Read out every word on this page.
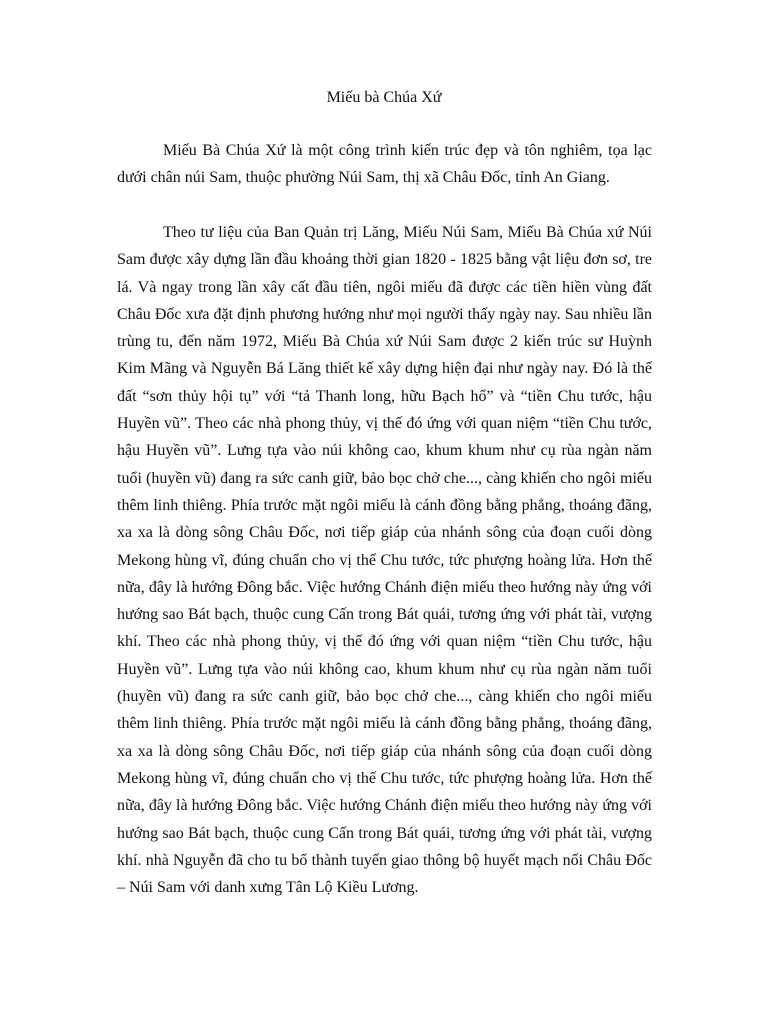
Miếu bà Chúa Xứ

Miếu Bà Chúa Xứ là một công trình kiến trúc đẹp và tôn nghiêm, tọa lạc dưới chân núi Sam, thuộc phường Núi Sam, thị xã Châu Đốc, tỉnh An Giang.

Theo tư liệu của Ban Quản trị Lăng, Miếu Núi Sam, Miếu Bà Chúa xứ Núi Sam được xây dựng lần đầu khoảng thời gian 1820 - 1825 bằng vật liệu đơn sơ, tre lá. Và ngay trong lần xây cất đầu tiên, ngôi miếu đã được các tiền hiền vùng đất Châu Đốc xưa đặt định phương hướng như mọi người thấy ngày nay. Sau nhiều lần trùng tu, đến năm 1972, Miếu Bà Chúa xứ Núi Sam được 2 kiến trúc sư Huỳnh Kim Mãng và Nguyễn Bá Lăng thiết kế xây dựng hiện đại như ngày nay. Đó là thế đất “sơn thủy hội tụ” với “tả Thanh long, hữu Bạch hổ” và “tiền Chu tước, hậu Huyền vũ”. Theo các nhà phong thủy, vị thế đó ứng với quan niệm “tiền Chu tước, hậu Huyền vũ”. Lưng tựa vào núi không cao, khum khum như cụ rùa ngàn năm tuổi (huyền vũ) đang ra sức canh giữ, bảo bọc chở che..., càng khiến cho ngôi miếu thêm linh thiêng. Phía trước mặt ngôi miếu là cánh đồng bằng phẳng, thoáng đãng, xa xa là dòng sông Châu Đốc, nơi tiếp giáp của nhánh sông của đoạn cuối dòng Mekong hùng vĩ, đúng chuẩn cho vị thế Chu tước, tức phượng hoàng lửa. Hơn thế nữa, đây là hướng Đông bắc. Việc hướng Chánh điện miếu theo hướng này ứng với hướng sao Bát bạch, thuộc cung Cấn trong Bát quái, tương ứng với phát tài, vượng khí. Theo các nhà phong thủy, vị thế đó ứng với quan niệm “tiền Chu tước, hậu Huyền vũ”. Lưng tựa vào núi không cao, khum khum như cụ rùa ngàn năm tuổi (huyền vũ) đang ra sức canh giữ, bảo bọc chở che..., càng khiến cho ngôi miếu thêm linh thiêng. Phía trước mặt ngôi miếu là cánh đồng bằng phẳng, thoáng đãng, xa xa là dòng sông Châu Đốc, nơi tiếp giáp của nhánh sông của đoạn cuối dòng Mekong hùng vĩ, đúng chuẩn cho vị thế Chu tước, tức phượng hoàng lửa. Hơn thế nữa, đây là hướng Đông bắc. Việc hướng Chánh điện miếu theo hướng này ứng với hướng sao Bát bạch, thuộc cung Cấn trong Bát quái, tương ứng với phát tài, vượng khí. nhà Nguyễn đã cho tu bổ thành tuyến giao thông bộ huyết mạch nối Châu Đốc – Núi Sam với danh xưng Tân Lộ Kiều Lương.
